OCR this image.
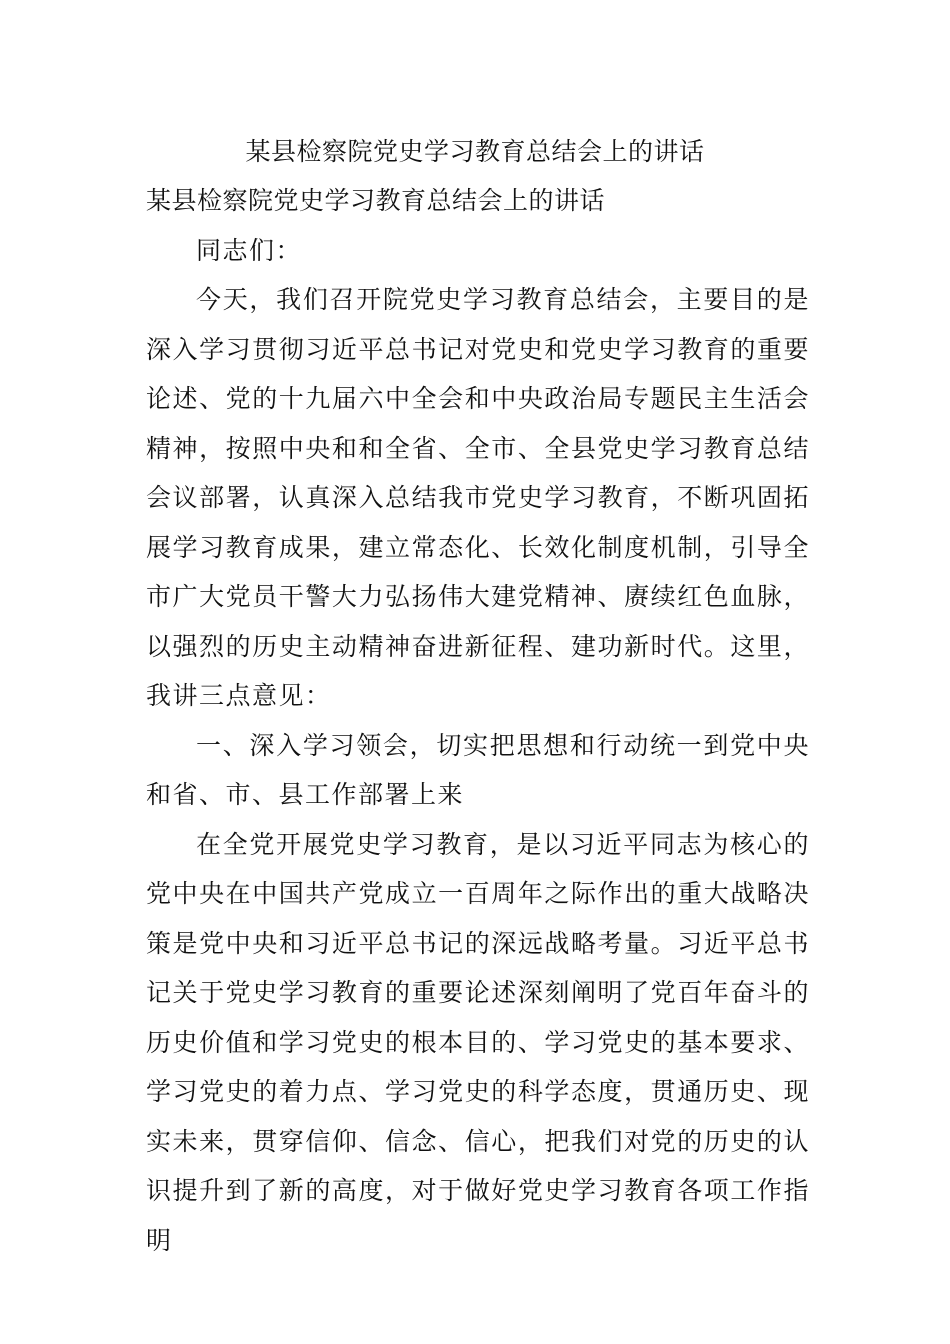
某县检察院党史学习教育总结会上的讲话
某县检察院党史学习教育总结会上的讲话

同志们：

今天，我们召开院党史学习教育总结会，主要目的是深入学习贯彻习近平总书记对党史和党史学习教育的重要论述、党的十九届六中全会和中央政治局专题民主生活会精神，按照中央和和全省、全市、全县党史学习教育总结会议部署，认真深入总结我市党史学习教育，不断巩固拓展学习教育成果，建立常态化、长效化制度机制，引导全市广大党员干警大力弘扬伟大建党精神、赓续红色血脉，以强烈的历史主动精神奋进新征程、建功新时代。这里，我讲三点意见：

一、深入学习领会，切实把思想和行动统一到党中央和省、市、县工作部署上来

在全党开展党史学习教育，是以习近平同志为核心的党中央在中国共产党成立一百周年之际作出的重大战略决策是党中央和习近平总书记的深远战略考量。习近平总书记关于党史学习教育的重要论述深刻阐明了党百年奋斗的历史价值和学习党史的根本目的、学习党史的基本要求、学习党史的着力点、学习党史的科学态度，贯通历史、现实未来，贯穿信仰、信念、信心，把我们对党的历史的认识提升到了新的高度，对于做好党史学习教育各项工作指明
